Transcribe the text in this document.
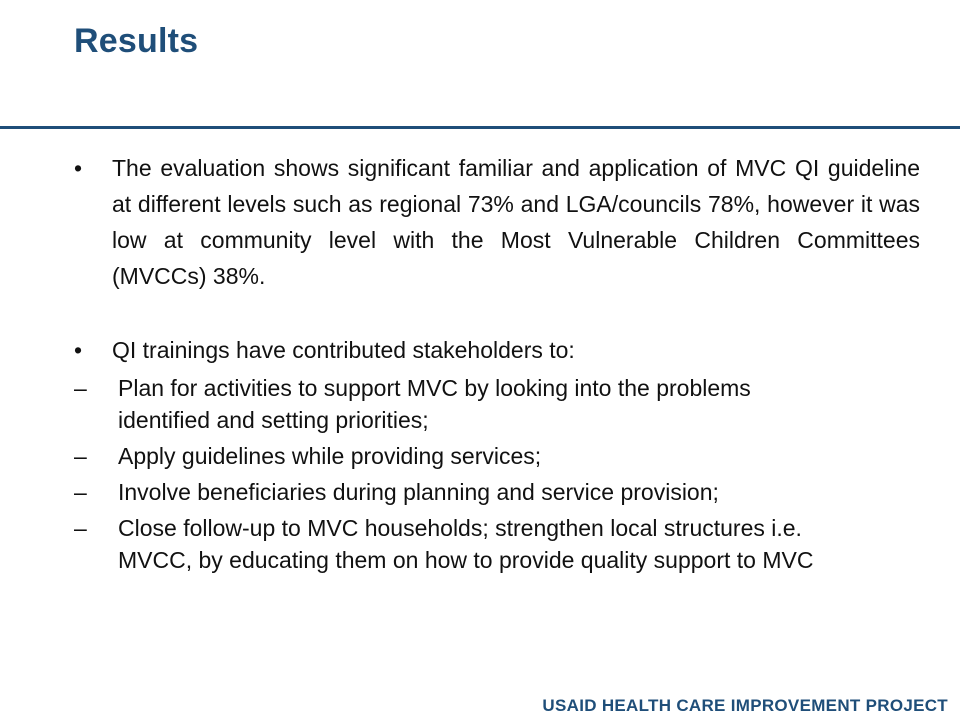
Results
•	The evaluation shows significant familiar and application of MVC QI guideline at different levels such as regional 73% and LGA/councils 78%, however it was low at community level with the Most Vulnerable Children Committees (MVCCs) 38%.
•	QI trainings have contributed stakeholders to:
– Plan for activities to support MVC by looking into the problems identified and setting priorities;
– Apply guidelines while providing services;
– Involve beneficiaries during planning and service provision;
– Close follow-up to MVC households; strengthen local structures i.e. MVCC, by educating them on how to provide quality support to MVC
USAID HEALTH CARE IMPROVEMENT PROJECT
